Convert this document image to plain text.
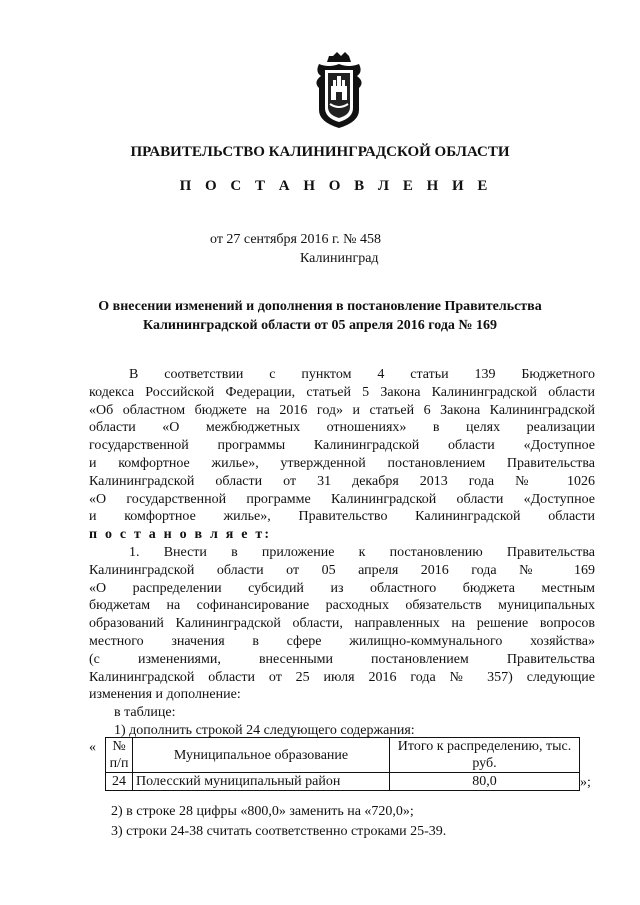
ПРАВИТЕЛЬСТВО КАЛИНИНГРАДСКОЙ ОБЛАСТИ
П О С Т А Н О В Л Е Н И Е
от 27 сентября 2016 г. № 458
Калининград
О внесении изменений и дополнения в постановление Правительства
Калининградской области от 05 апреля 2016 года № 169
В соответствии с пунктом 4 статьи 139 Бюджетного
кодекса Российской Федерации, статьей 5 Закона Калининградской области
«Об областном бюджете на 2016 год» и статьей 6 Закона Калининградской
области «О межбюджетных отношениях» в целях реализации
государственной программы Калининградской области «Доступное
и комфортное жилье», утвержденной постановлением Правительства
Калининградской области от 31 декабря 2013 года № 1026
«О государственной программе Калининградской области «Доступное
и комфортное жилье», Правительство Калининградской области
п о с т а н о в л я е т:
1. Внести в приложение к постановлению Правительства
Калининградской области от 05 апреля 2016 года № 169
«О распределении субсидий из областного бюджета местным
бюджетам на софинансирование расходных обязательств муниципальных
образований Калининградской области, направленных на решение вопросов
местного значения в сфере жилищно-коммунального хозяйства»
(с изменениями, внесенными постановлением Правительства
Калининградской области от 25 июля 2016 года № 357) следующие
изменения и дополнение:
в таблице:
1) дополнить строкой 24 следующего содержания:
« № п/п	Муниципальное образование	Итого к распределению, тыс. руб.
24	Полесский муниципальный район	80,0	»;
2) в строке 28 цифры «800,0» заменить на «720,0»;
3) строки 24-38 считать соответственно строками 25-39.
